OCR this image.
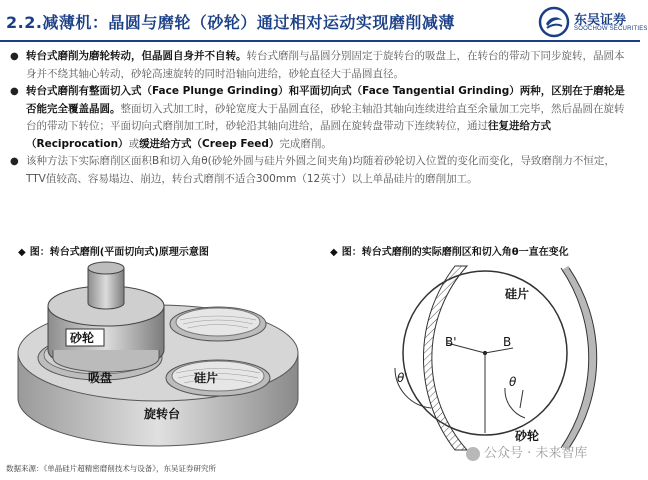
2.2.减薄机：晶圆与磨轮（砂轮）通过相对运动实现磨削减薄	东吴证券
SOOCHOW SECURITIES
● 转台式磨削为磨轮转动，但晶圆自身并不自转。转台式磨削与晶圆分别固定于旋转台的吸盘上，在转台的带动下同步旋转，晶圆本身并不绕其轴心转动，砂轮高速旋转的同时沿轴向进给，砂轮直径大于晶圆直径。
● 转台式磨削有整面切入式（Face Plunge Grinding）和平面切向式（Face Tangential Grinding）两种，区别在于磨轮是否能完全覆盖晶圆。整面切入式加工时，砂轮宽度大于晶圆直径，砂轮主轴沿其轴向连续进给直至余量加工完毕，然后晶圆在旋转台的带动下转位；平面切向式磨削加工时，砂轮沿其轴向进给，晶圆在旋转盘带动下连续转位，通过往复进给方式（Reciprocation）或缓进给方式（Creep Feed）完成磨削。
● 该种方法下实际磨削区面积B和切入角θ(砂轮外圆与硅片外圆之间夹角)均随着砂轮切入位置的变化而变化，导致磨削力不恒定，TTV值较高、容易塌边、崩边，转台式磨削不适合300mm（12英寸）以上单晶硅片的磨削加工。
◆ 图：转台式磨削(平面切向式)原理示意图	◆ 图：转台式磨削的实际磨削区和切入角θ一直在变化
砂轮
吸盘	硅片
旋转台
硅片
B'	B
θ'	θ
砂轮
公众号 · 未来智库
数据来源：《单晶硅片超精密磨削技术与设备》，东吴证券研究所
